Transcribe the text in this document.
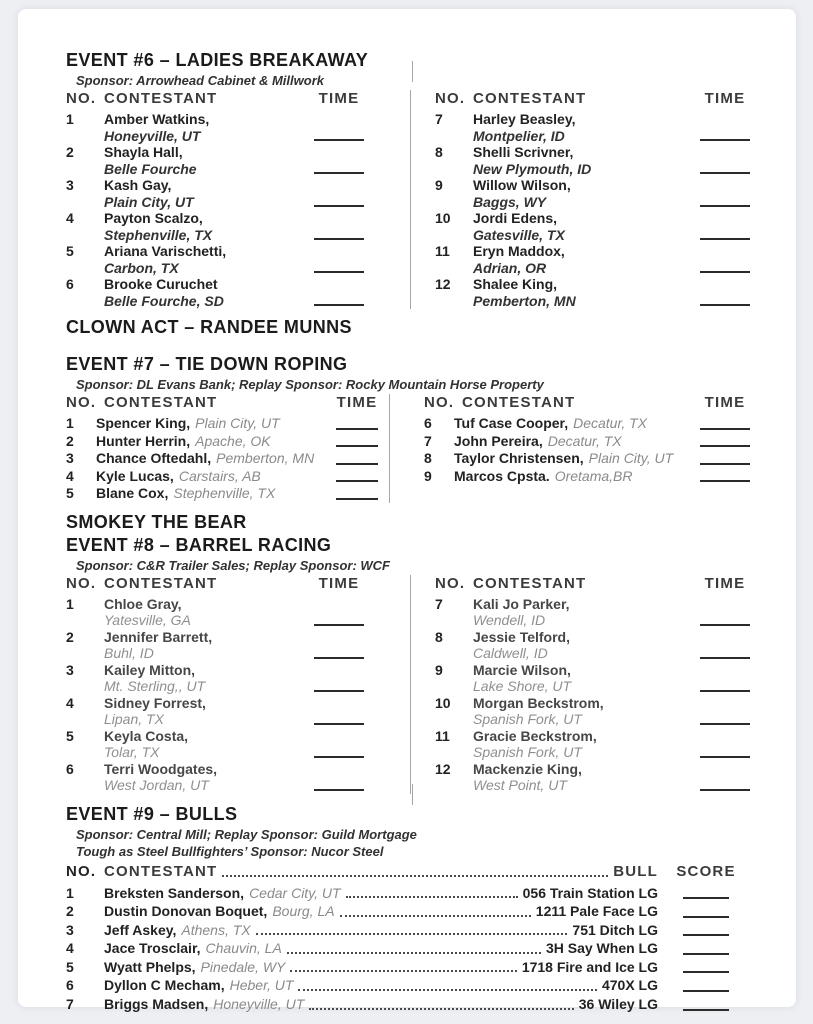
EVENT #6 – LADIES BREAKAWAY
Sponsor: Arrowhead Cabinet & Millwork
NO. CONTESTANT	TIME
1	Amber Watkins,
Honeyville, UT
2	Shayla Hall,
Belle Fourche
3	Kash Gay,
Plain City, UT
4	Payton Scalzo,
Stephenville, TX
5	Ariana Varischetti,
Carbon, TX
6	Brooke Curuchet
Belle Fourche, SD
NO. CONTESTANT	TIME
7	Harley Beasley,
Montpelier, ID
8	Shelli Scrivner,
New Plymouth, ID
9	Willow Wilson,
Baggs, WY
10	Jordi Edens,
Gatesville, TX
11	Eryn Maddox,
Adrian, OR
12	Shalee King,
Pemberton, MN
CLOWN ACT – RANDEE MUNNS
EVENT #7 – TIE DOWN ROPING
Sponsor: DL Evans Bank; Replay Sponsor: Rocky Mountain Horse Property
NO. CONTESTANT	TIME
1	Spencer King, Plain City, UT
2	Hunter Herrin, Apache, OK
3	Chance Oftedahl, Pemberton, MN
4	Kyle Lucas, Carstairs, AB
5	Blane Cox, Stephenville, TX
NO. CONTESTANT	TIME
6	Tuf Case Cooper, Decatur, TX
7	John Pereira, Decatur, TX
8	Taylor Christensen, Plain City, UT
9	Marcos Cpsta. Oretama,BR
SMOKEY THE BEAR
EVENT #8 – BARREL RACING
Sponsor: C&R Trailer Sales; Replay Sponsor: WCF
NO. CONTESTANT	TIME
1	Chloe Gray,
Yatesville, GA
2	Jennifer Barrett,
Buhl, ID
3	Kailey Mitton,
Mt. Sterling,, UT
4	Sidney Forrest,
Lipan, TX
5	Keyla Costa,
Tolar, TX
6	Terri Woodgates,
West Jordan, UT
NO. CONTESTANT	TIME
7	Kali Jo Parker,
Wendell, ID
8	Jessie Telford,
Caldwell, ID
9	Marcie Wilson,
Lake Shore, UT
10	Morgan Beckstrom,
Spanish Fork, UT
11	Gracie Beckstrom,
Spanish Fork, UT
12	Mackenzie King,
West Point, UT
EVENT #9 – BULLS
Sponsor: Central Mill; Replay Sponsor: Guild Mortgage
Tough as Steel Bullfighters’ Sponsor: Nucor Steel
NO. CONTESTANT	BULL	SCORE
1	Breksten Sanderson, Cedar City, UT	056 Train Station LG
2	Dustin Donovan Boquet, Bourg, LA	1211 Pale Face LG
3	Jeff Askey, Athens, TX	751 Ditch LG
4	Jace Trosclair, Chauvin, LA	3H Say When LG
5	Wyatt Phelps, Pinedale, WY	1718 Fire and Ice LG
6	Dyllon C Mecham, Heber, UT	470X LG
7	Briggs Madsen, Honeyville, UT	36 Wiley LG
